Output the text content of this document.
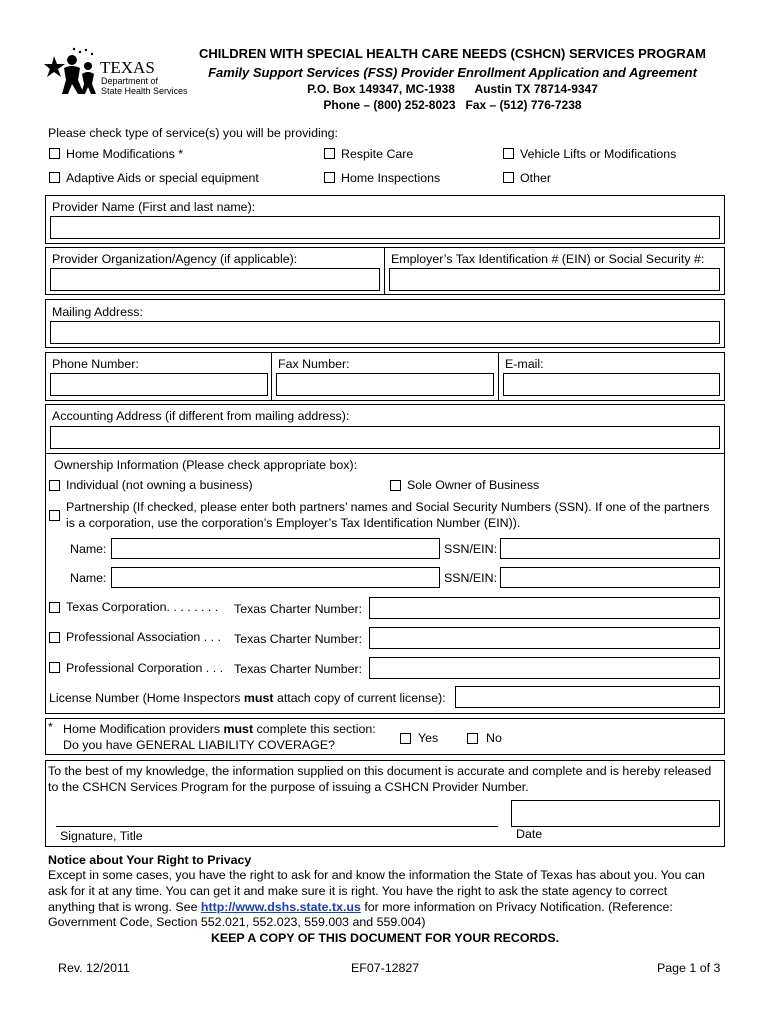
TEXAS
Department of
State Health Services
CHILDREN WITH SPECIAL HEALTH CARE NEEDS (CSHCN) SERVICES PROGRAM
Family Support Services (FSS) Provider Enrollment Application and Agreement
P.O. Box 149347, MC-1938      Austin TX 78714-9347
Phone – (800) 252-8023   Fax – (512) 776-7238
Please check type of service(s) you will be providing:
Home Modifications *	Respite Care	Vehicle Lifts or Modifications
Adaptive Aids or special equipment	Home Inspections	Other
Provider Name (First and last name):
Provider Organization/Agency (if applicable):	Employer’s Tax Identification # (EIN) or Social Security #:
Mailing Address:
Phone Number:	Fax Number:	E-mail:
Accounting Address (if different from mailing address):
Ownership Information (Please check appropriate box):
Individual (not owning a business)	Sole Owner of Business
Partnership (If checked, please enter both partners’ names and Social Security Numbers (SSN). If one of the partners
is a corporation, use the corporation’s Employer’s Tax Identification Number (EIN)).
Name:	SSN/EIN:
Name:	SSN/EIN:
Texas Corporation. . . . . . . . Texas Charter Number:
Professional Association . . . Texas Charter Number:
Professional Corporation . . . Texas Charter Number:
License Number (Home Inspectors must attach copy of current license):
* Home Modification providers must complete this section:
Do you have GENERAL LIABILITY COVERAGE?	Yes	No
To the best of my knowledge, the information supplied on this document is accurate and complete and is hereby released
to the CSHCN Services Program for the purpose of issuing a CSHCN Provider Number.
Signature, Title	Date
Notice about Your Right to Privacy
Except in some cases, you have the right to ask for and know the information the State of Texas has about you. You can
ask for it at any time. You can get it and make sure it is right. You have the right to ask the state agency to correct
anything that is wrong. See http://www.dshs.state.tx.us for more information on Privacy Notification. (Reference:
Government Code, Section 552.021, 552.023, 559.003 and 559.004)
KEEP A COPY OF THIS DOCUMENT FOR YOUR RECORDS.
Rev. 12/2011	EF07-12827	Page 1 of 3
